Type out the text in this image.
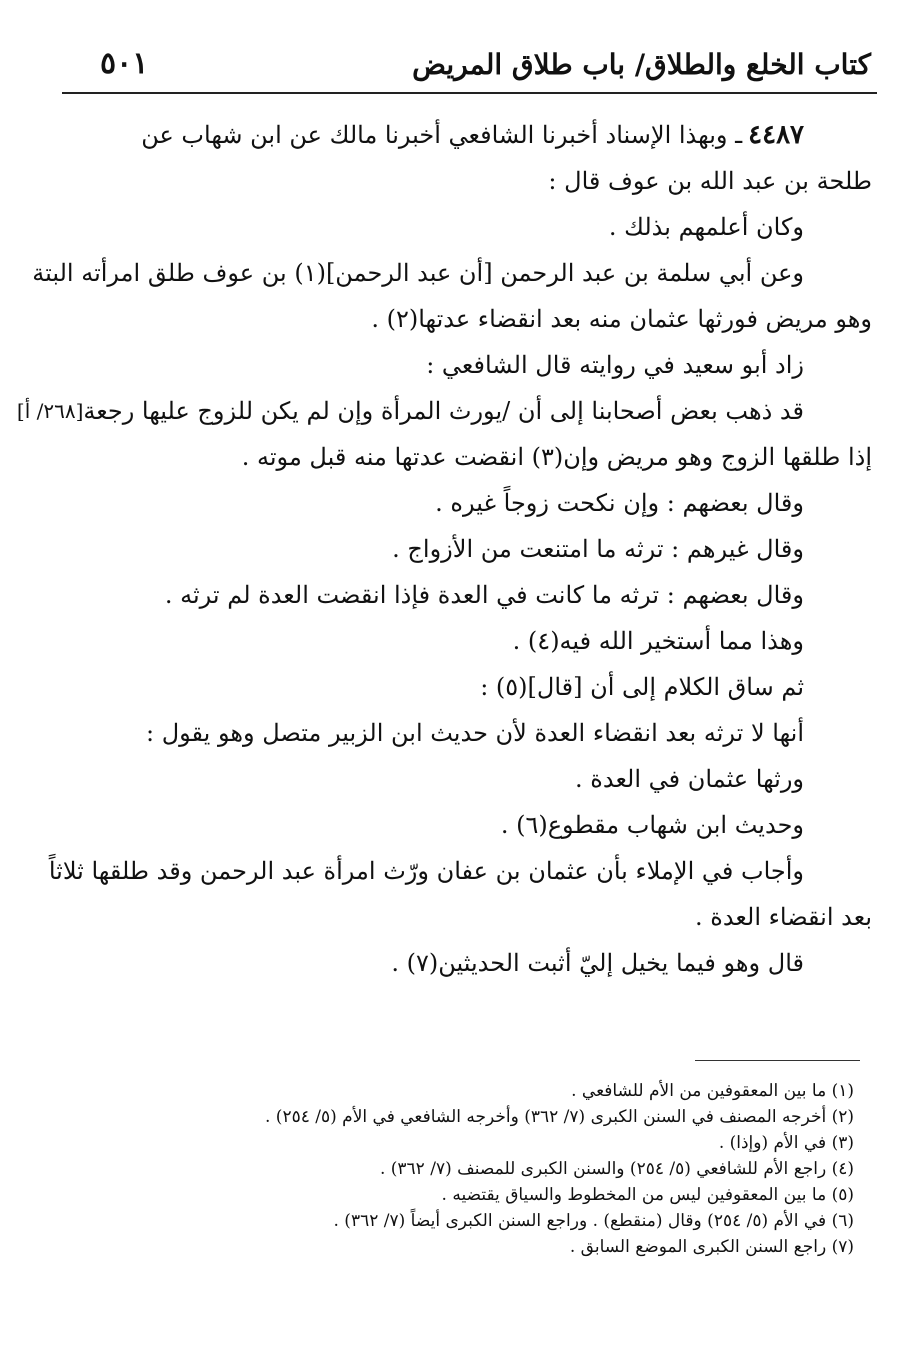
٥٠١	كتاب الخلع والطلاق/ باب طلاق المريض
٤٤٨٧ـ وبهذا الإسناد أخبرنا الشافعي أخبرنا مالك عن ابن شهاب عن
طلحة بن عبد الله بن عوف قال :
وكان أعلمهم بذلك .
وعن أبي سلمة بن عبد الرحمن [أن عبد الرحمن](١) بن عوف طلق امرأته البتة
وهو مريض فورثها عثمان منه بعد انقضاء عدتها(٢) .
زاد أبو سعيد في روايته قال الشافعي :
قد ذهب بعض أصحابنا إلى أن /يورث المرأة وإن لم يكن للزوج عليها رجعة
[٢٦٨/ أ]
إذا طلقها الزوج وهو مريض وإن(٣) انقضت عدتها منه قبل موته .
وقال بعضهم : وإن نكحت زوجاً غيره .
وقال غيرهم : ترثه ما امتنعت من الأزواج .
وقال بعضهم : ترثه ما كانت في العدة فإذا انقضت العدة لم ترثه .
وهذا مما أستخير الله فيه(٤) .
ثم ساق الكلام إلى أن [قال](٥) :
أنها لا ترثه بعد انقضاء العدة لأن حديث ابن الزبير متصل وهو يقول :
ورثها عثمان في العدة .
وحديث ابن شهاب مقطوع(٦) .
وأجاب في الإملاء بأن عثمان بن عفان ورّث امرأة عبد الرحمن وقد طلقها ثلاثاً
بعد انقضاء العدة .
قال وهو فيما يخيل إليّ أثبت الحديثين(٧) .
(١) ما بين المعقوفين من الأم للشافعي .
(٢) أخرجه المصنف في السنن الكبرى (٧/ ٣٦٢) وأخرجه الشافعي في الأم (٥/ ٢٥٤) .
(٣) في الأم (وإذا) .
(٤) راجع الأم للشافعي (٥/ ٢٥٤) والسنن الكبرى للمصنف (٧/ ٣٦٢) .
(٥) ما بين المعقوفين ليس من المخطوط والسياق يقتضيه .
(٦) في الأم (٥/ ٢٥٤) وقال (منقطع) . وراجع السنن الكبرى أيضاً (٧/ ٣٦٢) .
(٧) راجع السنن الكبرى الموضع السابق .
